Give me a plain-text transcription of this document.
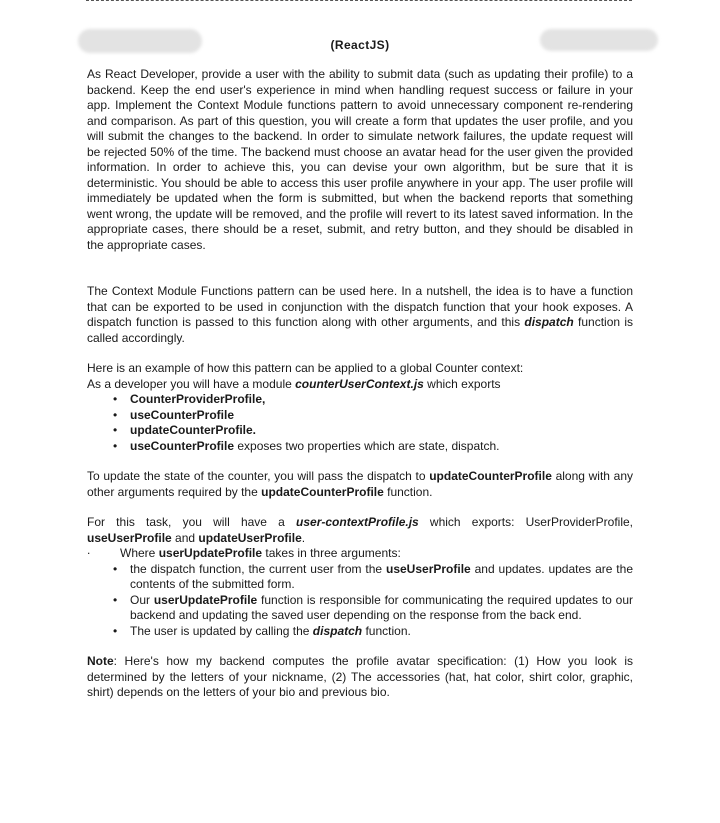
(ReactJS)

As React Developer, provide a user with the ability to submit data (such as updating their profile) to a backend. Keep the end user's experience in mind when handling request success or failure in your app. Implement the Context Module functions pattern to avoid unnecessary component re-rendering and comparison. As part of this question, you will create a form that updates the user profile, and you will submit the changes to the backend. In order to simulate network failures, the update request will be rejected 50% of the time. The backend must choose an avatar head for the user given the provided information. In order to achieve this, you can devise your own algorithm, but be sure that it is deterministic. You should be able to access this user profile anywhere in your app. The user profile will immediately be updated when the form is submitted, but when the backend reports that something went wrong, the update will be removed, and the profile will revert to its latest saved information. In the appropriate cases, there should be a reset, submit, and retry button, and they should be disabled in the appropriate cases.

The Context Module Functions pattern can be used here. In a nutshell, the idea is to have a function that can be exported to be used in conjunction with the dispatch function that your hook exposes. A dispatch function is passed to this function along with other arguments, and this dispatch function is called accordingly.

Here is an example of how this pattern can be applied to a global Counter context:

As a developer you will have a module counterUserContext.js which exports

• CounterProviderProfile,
• useCounterProfile
• updateCounterProfile.
• useCounterProfile exposes two properties which are state, dispatch.

To update the state of the counter, you will pass the dispatch to updateCounterProfile along with any other arguments required by the updateCounterProfile function.

For this task, you will have a user-contextProfile.js which exports: UserProviderProfile, useUserProfile and updateUserProfile.

. Where userUpdateProfile takes in three arguments:

• the dispatch function, the current user from the useUserProfile and updates. updates are the contents of the submitted form.
• Our userUpdateProfile function is responsible for communicating the required updates to our backend and updating the saved user depending on the response from the back end.
• The user is updated by calling the dispatch function.

Note: Here's how my backend computes the profile avatar specification: (1) How you look is determined by the letters of your nickname, (2) The accessories (hat, hat color, shirt color, graphic, shirt) depends on the letters of your bio and previous bio.
